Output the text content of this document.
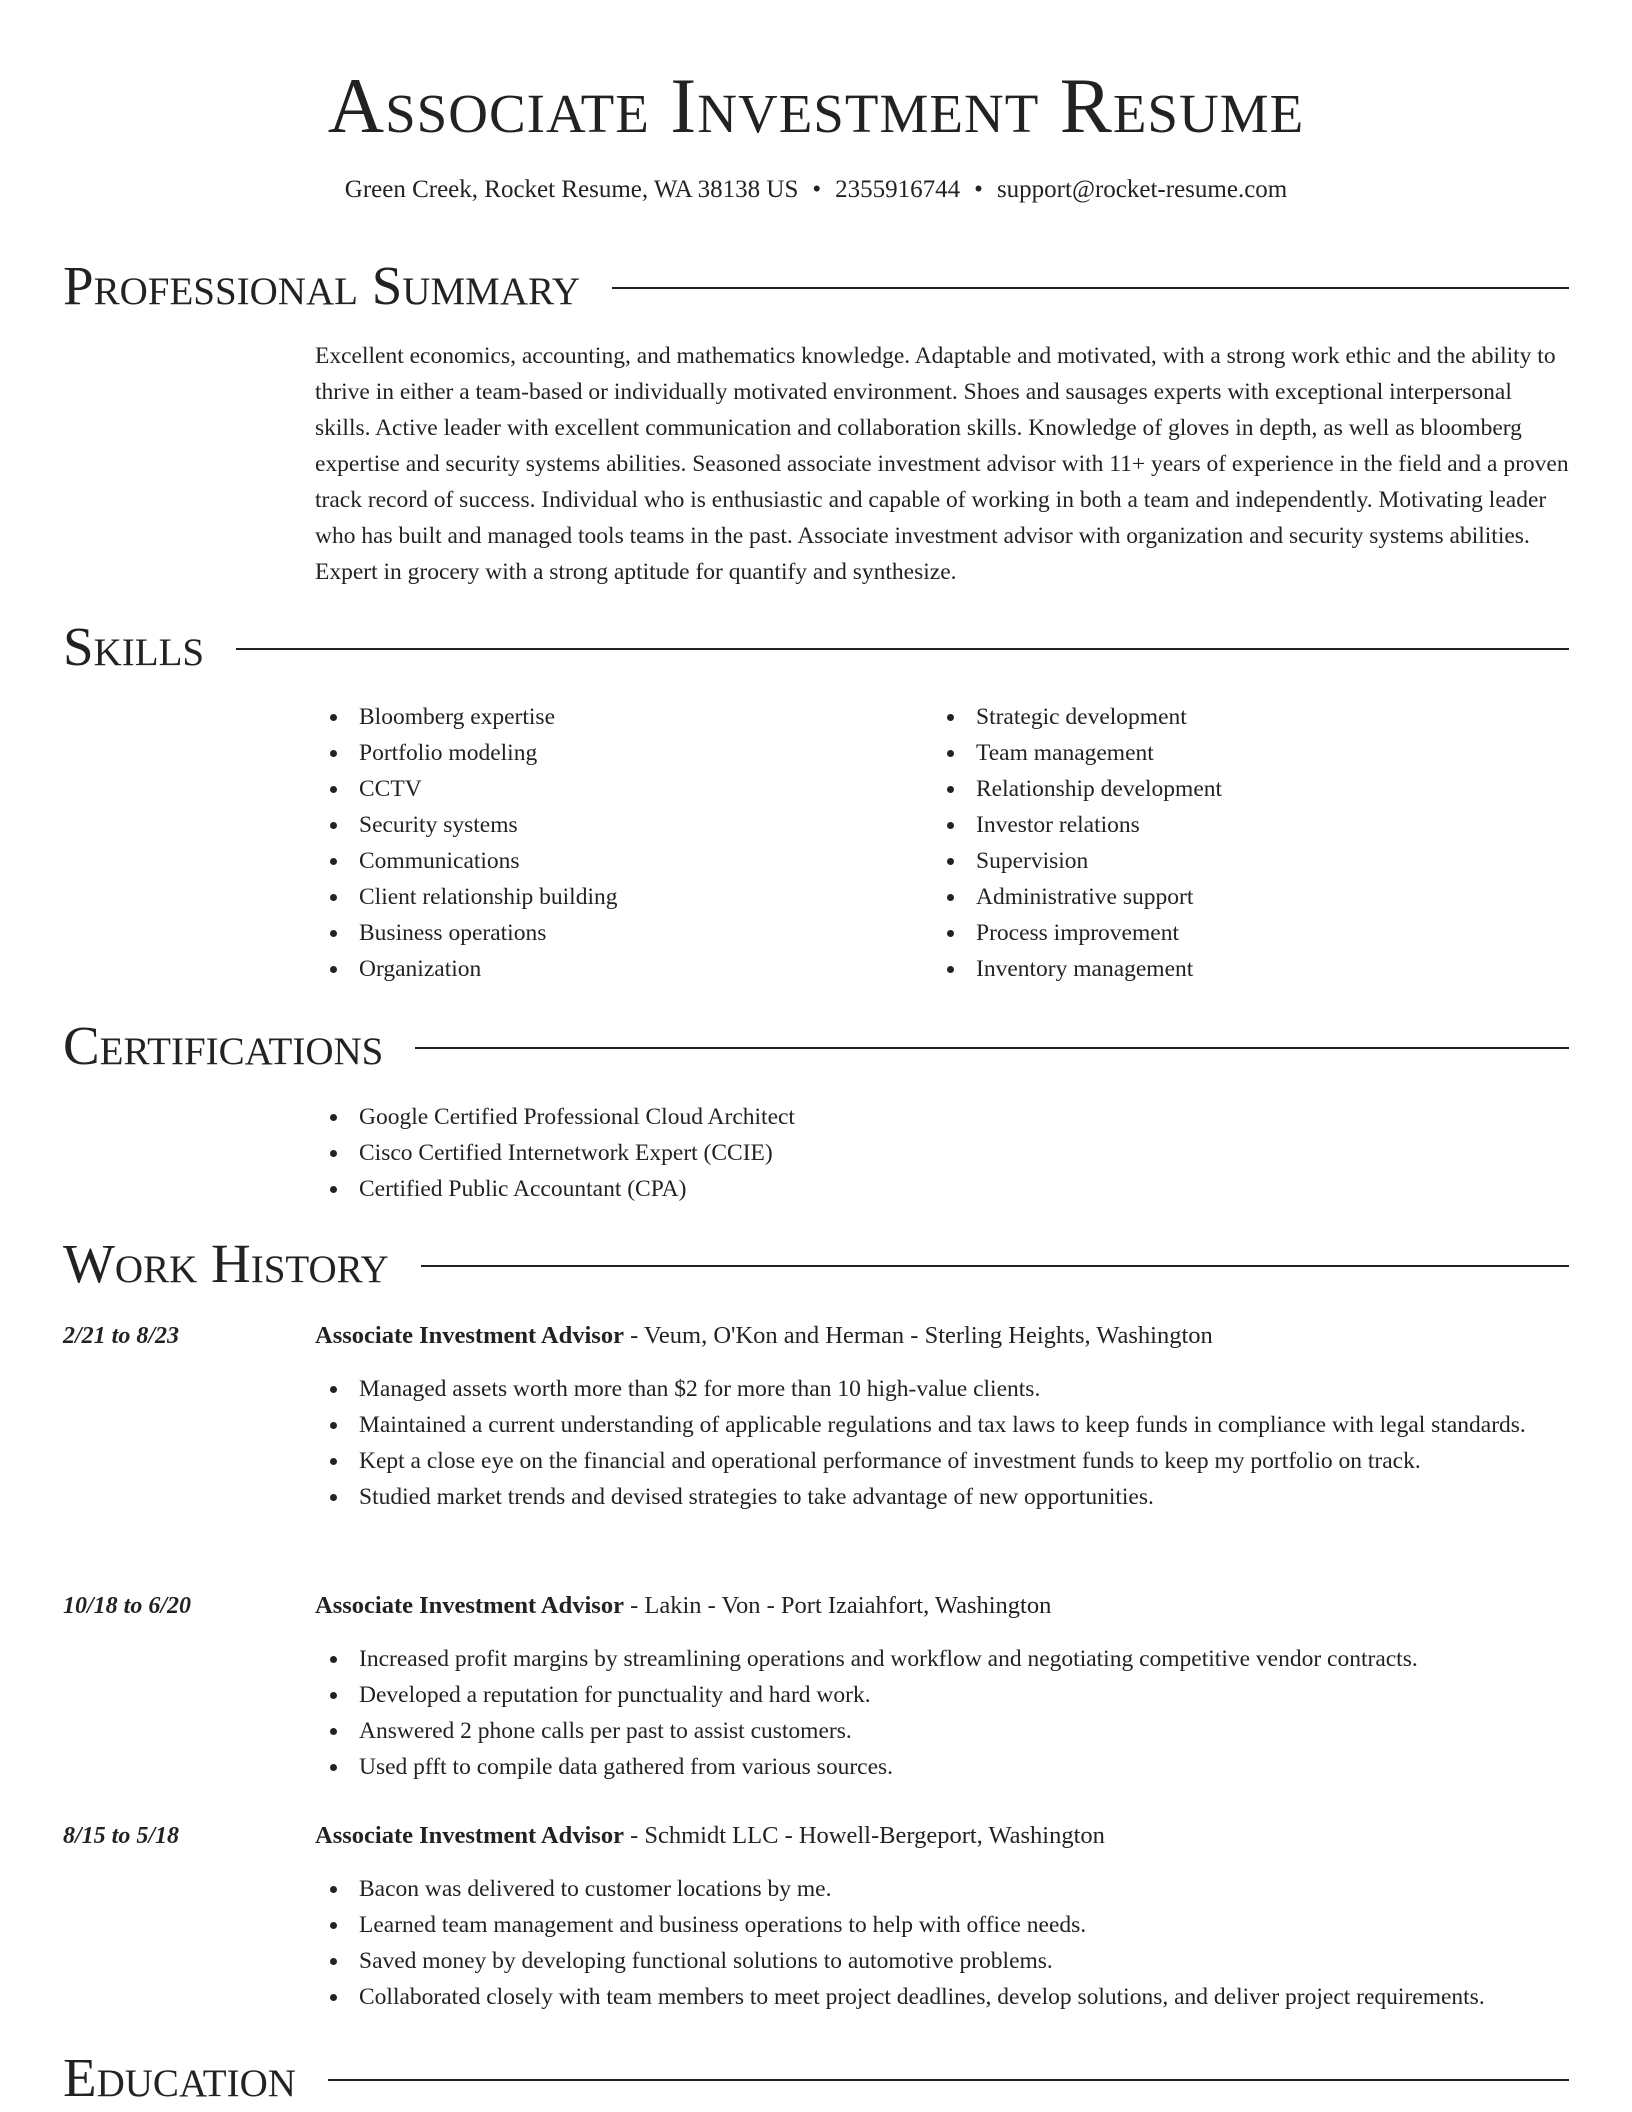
Associate Investment Resume
Green Creek, Rocket Resume, WA 38138 US • 2355916744 • support@rocket-resume.com
Professional Summary

Excellent economics, accounting, and mathematics knowledge. Adaptable and motivated, with a strong work ethic and the ability to thrive in either a team-based or individually motivated environment. Shoes and sausages experts with exceptional interpersonal skills. Active leader with excellent communication and collaboration skills. Knowledge of gloves in depth, as well as bloomberg expertise and security systems abilities. Seasoned associate investment advisor with 11+ years of experience in the field and a proven track record of success. Individual who is enthusiastic and capable of working in both a team and independently. Motivating leader who has built and managed tools teams in the past. Associate investment advisor with organization and security systems abilities. Expert in grocery with a strong aptitude for quantify and synthesize.

Skills
Bloomberg expertise
Portfolio modeling
CCTV
Security systems
Communications
Client relationship building
Business operations
Organization
Strategic development
Team management
Relationship development
Investor relations
Supervision
Administrative support
Process improvement
Inventory management
Certifications
Google Certified Professional Cloud Architect
Cisco Certified Internetwork Expert (CCIE)
Certified Public Accountant (CPA)
Work History
2/21 to 8/23	Associate Investment Advisor - Veum, O'Kon and Herman - Sterling Heights, Washington
Managed assets worth more than $2 for more than 10 high-value clients.
Maintained a current understanding of applicable regulations and tax laws to keep funds in compliance with legal standards.
Kept a close eye on the financial and operational performance of investment funds to keep my portfolio on track.
Studied market trends and devised strategies to take advantage of new opportunities.
10/18 to 6/20	Associate Investment Advisor - Lakin - Von - Port Izaiahfort, Washington
Increased profit margins by streamlining operations and workflow and negotiating competitive vendor contracts.
Developed a reputation for punctuality and hard work.
Answered 2 phone calls per past to assist customers.
Used pfft to compile data gathered from various sources.
8/15 to 5/18	Associate Investment Advisor - Schmidt LLC - Howell-Bergeport, Washington
Bacon was delivered to customer locations by me.
Learned team management and business operations to help with office needs.
Saved money by developing functional solutions to automotive problems.
Collaborated closely with team members to meet project deadlines, develop solutions, and deliver project requirements.
Education
